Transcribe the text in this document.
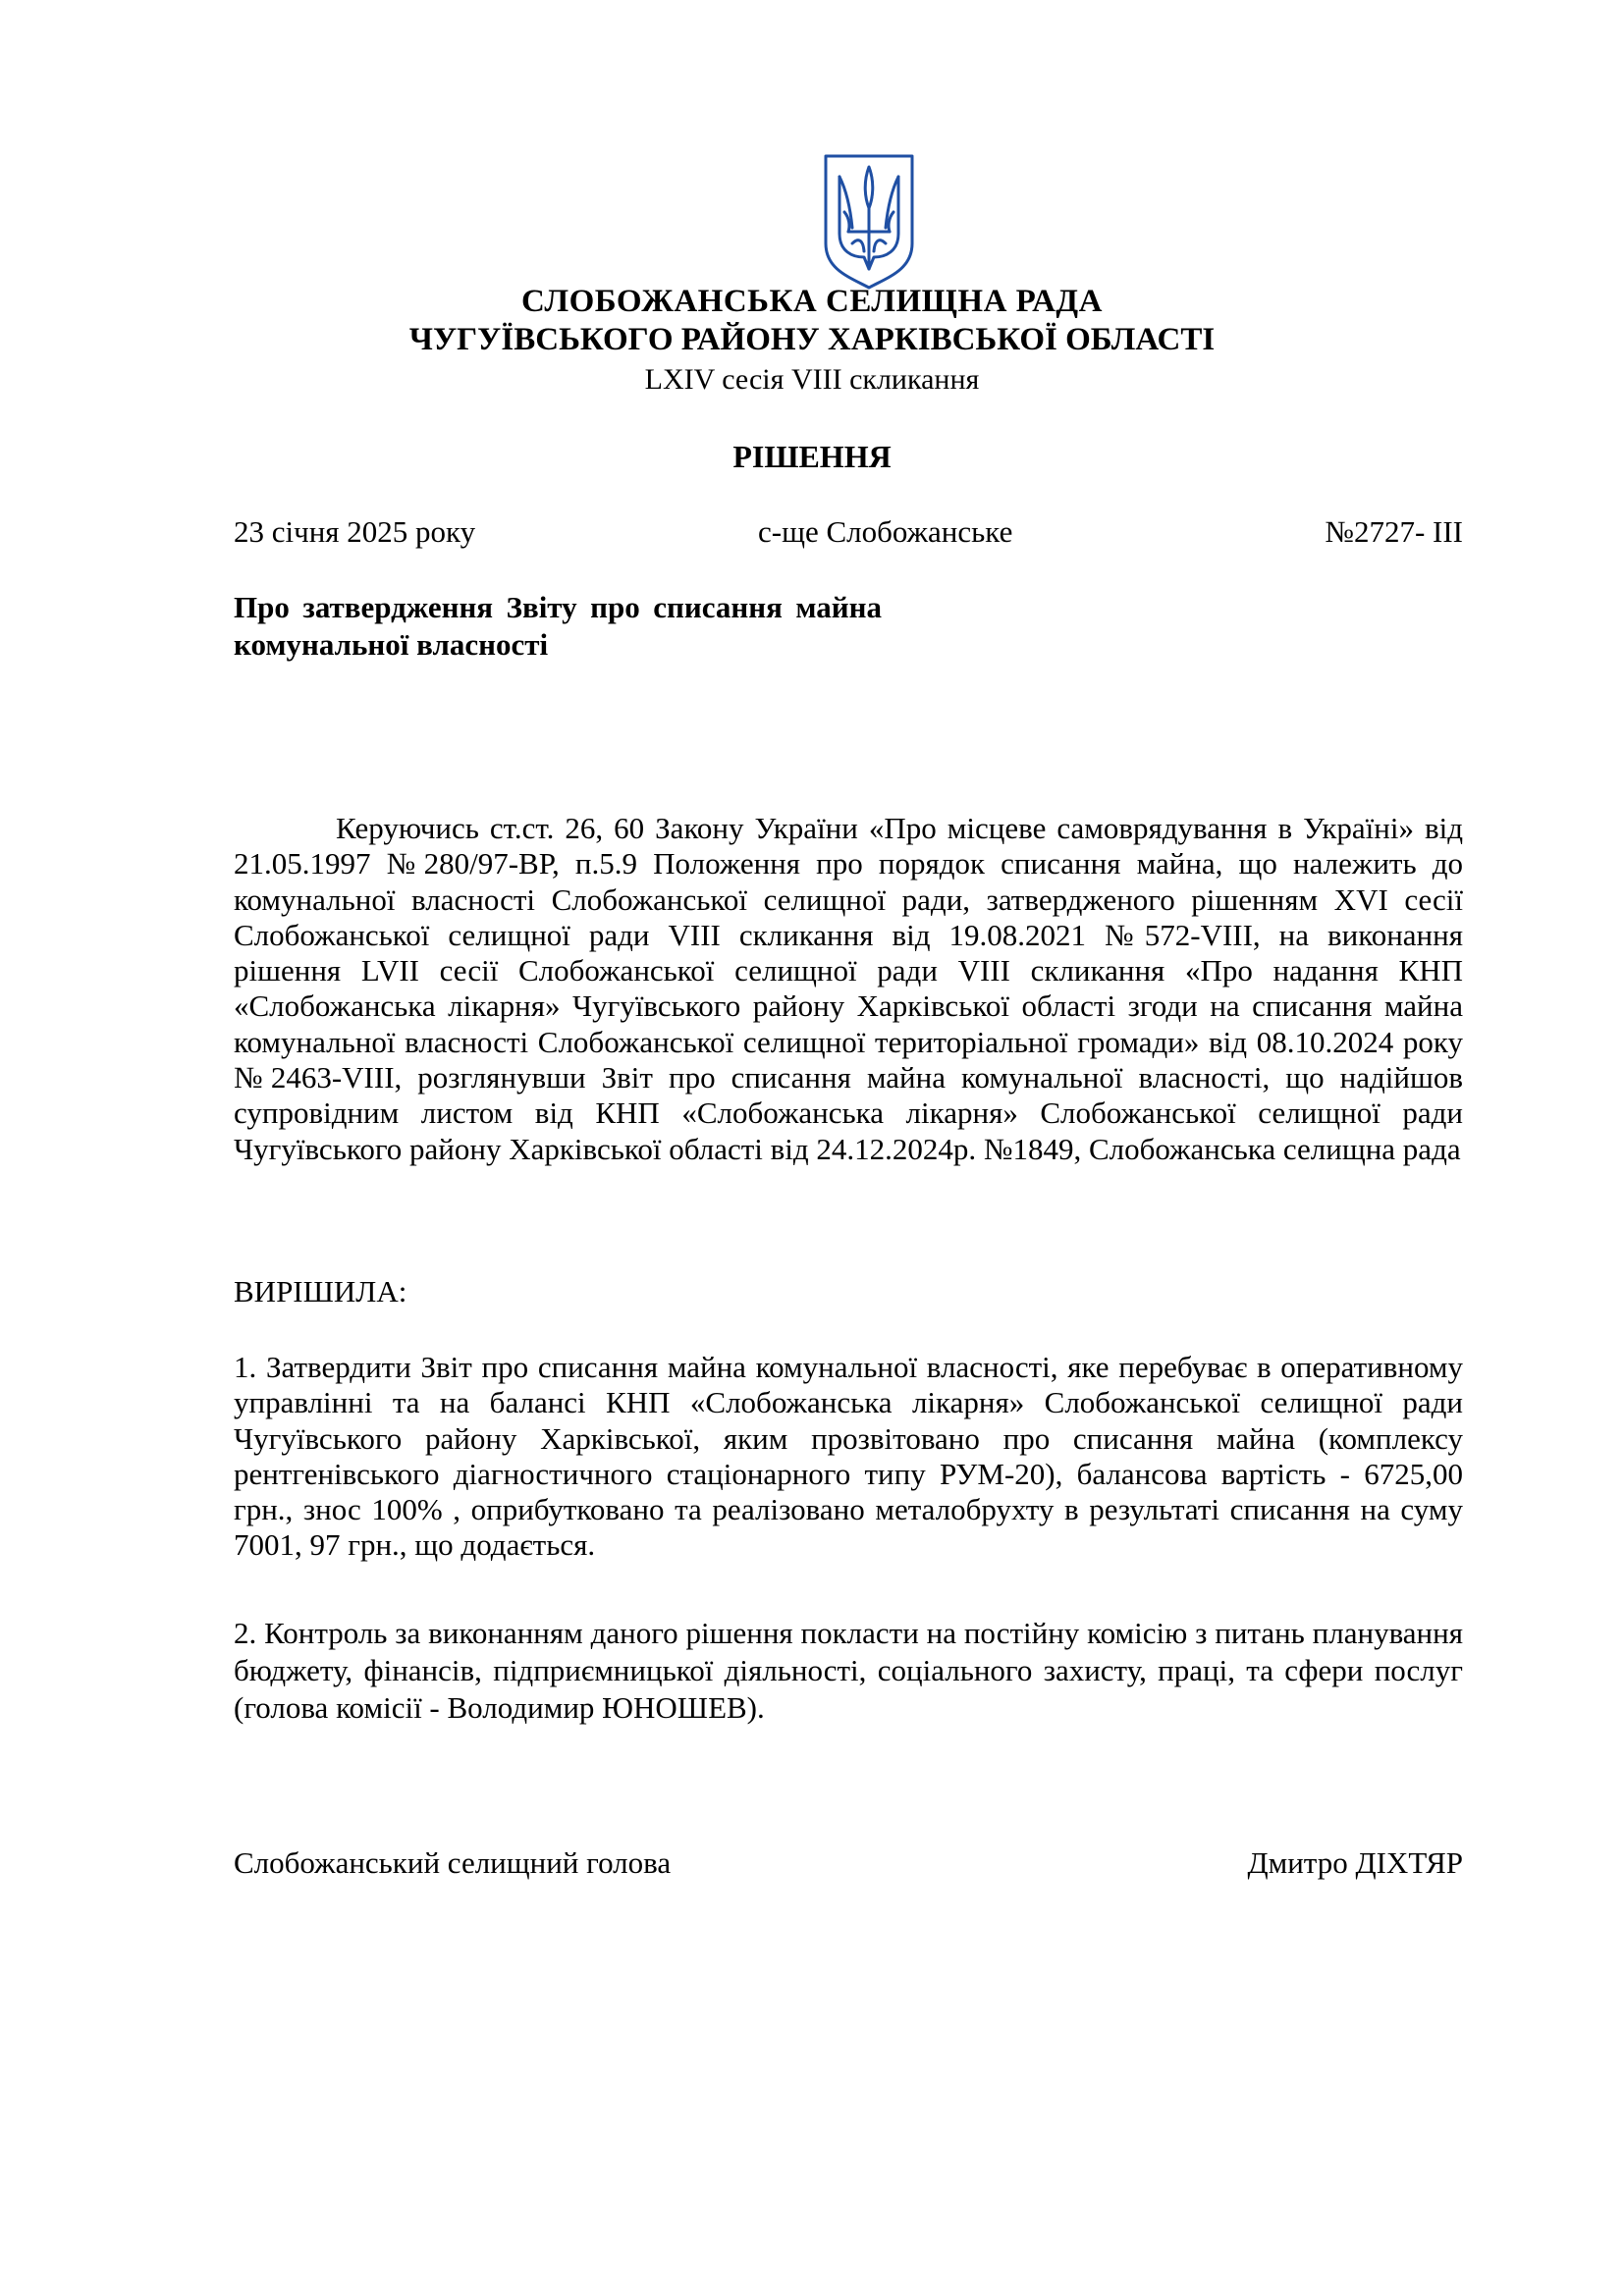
СЛОБОЖАНСЬКА СЕЛИЩНА РАДА
ЧУГУЇВСЬКОГО РАЙОНУ ХАРКІВСЬКОЇ ОБЛАСТІ
LXIV сесія VIII скликання
РІШЕННЯ
23 січня 2025 року	с-ще Слобожанське	№2727- ІІІ
Про затвердження Звіту про списання майна комунальної власності

Керуючись ст.ст. 26, 60 Закону України «Про місцеве самоврядування в Україні» від 21.05.1997 №280/97-ВР, п.5.9 Положення про порядок списання майна, що належить до комунальної власності Слобожанської селищної ради, затвердженого рішенням XVI сесії Слобожанської селищної ради VIII скликання від 19.08.2021 №572-VIII, на виконання рішення LVII сесії Слобожанської селищної ради VIII скликання «Про надання КНП «Слобожанська лікарня» Чугуївського району Харківської області згоди на списання майна комунальної власності Слобожанської селищної територіальної громади» від 08.10.2024 року №2463-VIII, розглянувши Звіт про списання майна комунальної власності, що надійшов супровідним листом від КНП «Слобожанська лікарня» Слобожанської селищної ради Чугуївського району Харківської області від 24.12.2024р. №1849, Слобожанська селищна рада

ВИРІШИЛА:

1. Затвердити Звіт про списання майна комунальної власності, яке перебуває в оперативному управлінні та на балансі КНП «Слобожанська лікарня» Слобожанської селищної ради Чугуївського району Харківської, яким прозвітовано про списання майна (комплексу рентгенівського діагностичного стаціонарного типу РУМ-20), балансова вартість - 6725,00 грн., знос 100% , оприбутковано та реалізовано металобрухту в результаті списання на суму 7001, 97 грн., що додається.

2. Контроль за виконанням даного рішення покласти на постійну комісію з питань планування бюджету, фінансів, підприємницької діяльності, соціального захисту, праці, та сфери послуг (голова комісії - Володимир ЮНОШЕВ).

Слобожанський селищний голова	Дмитро ДІХТЯР
